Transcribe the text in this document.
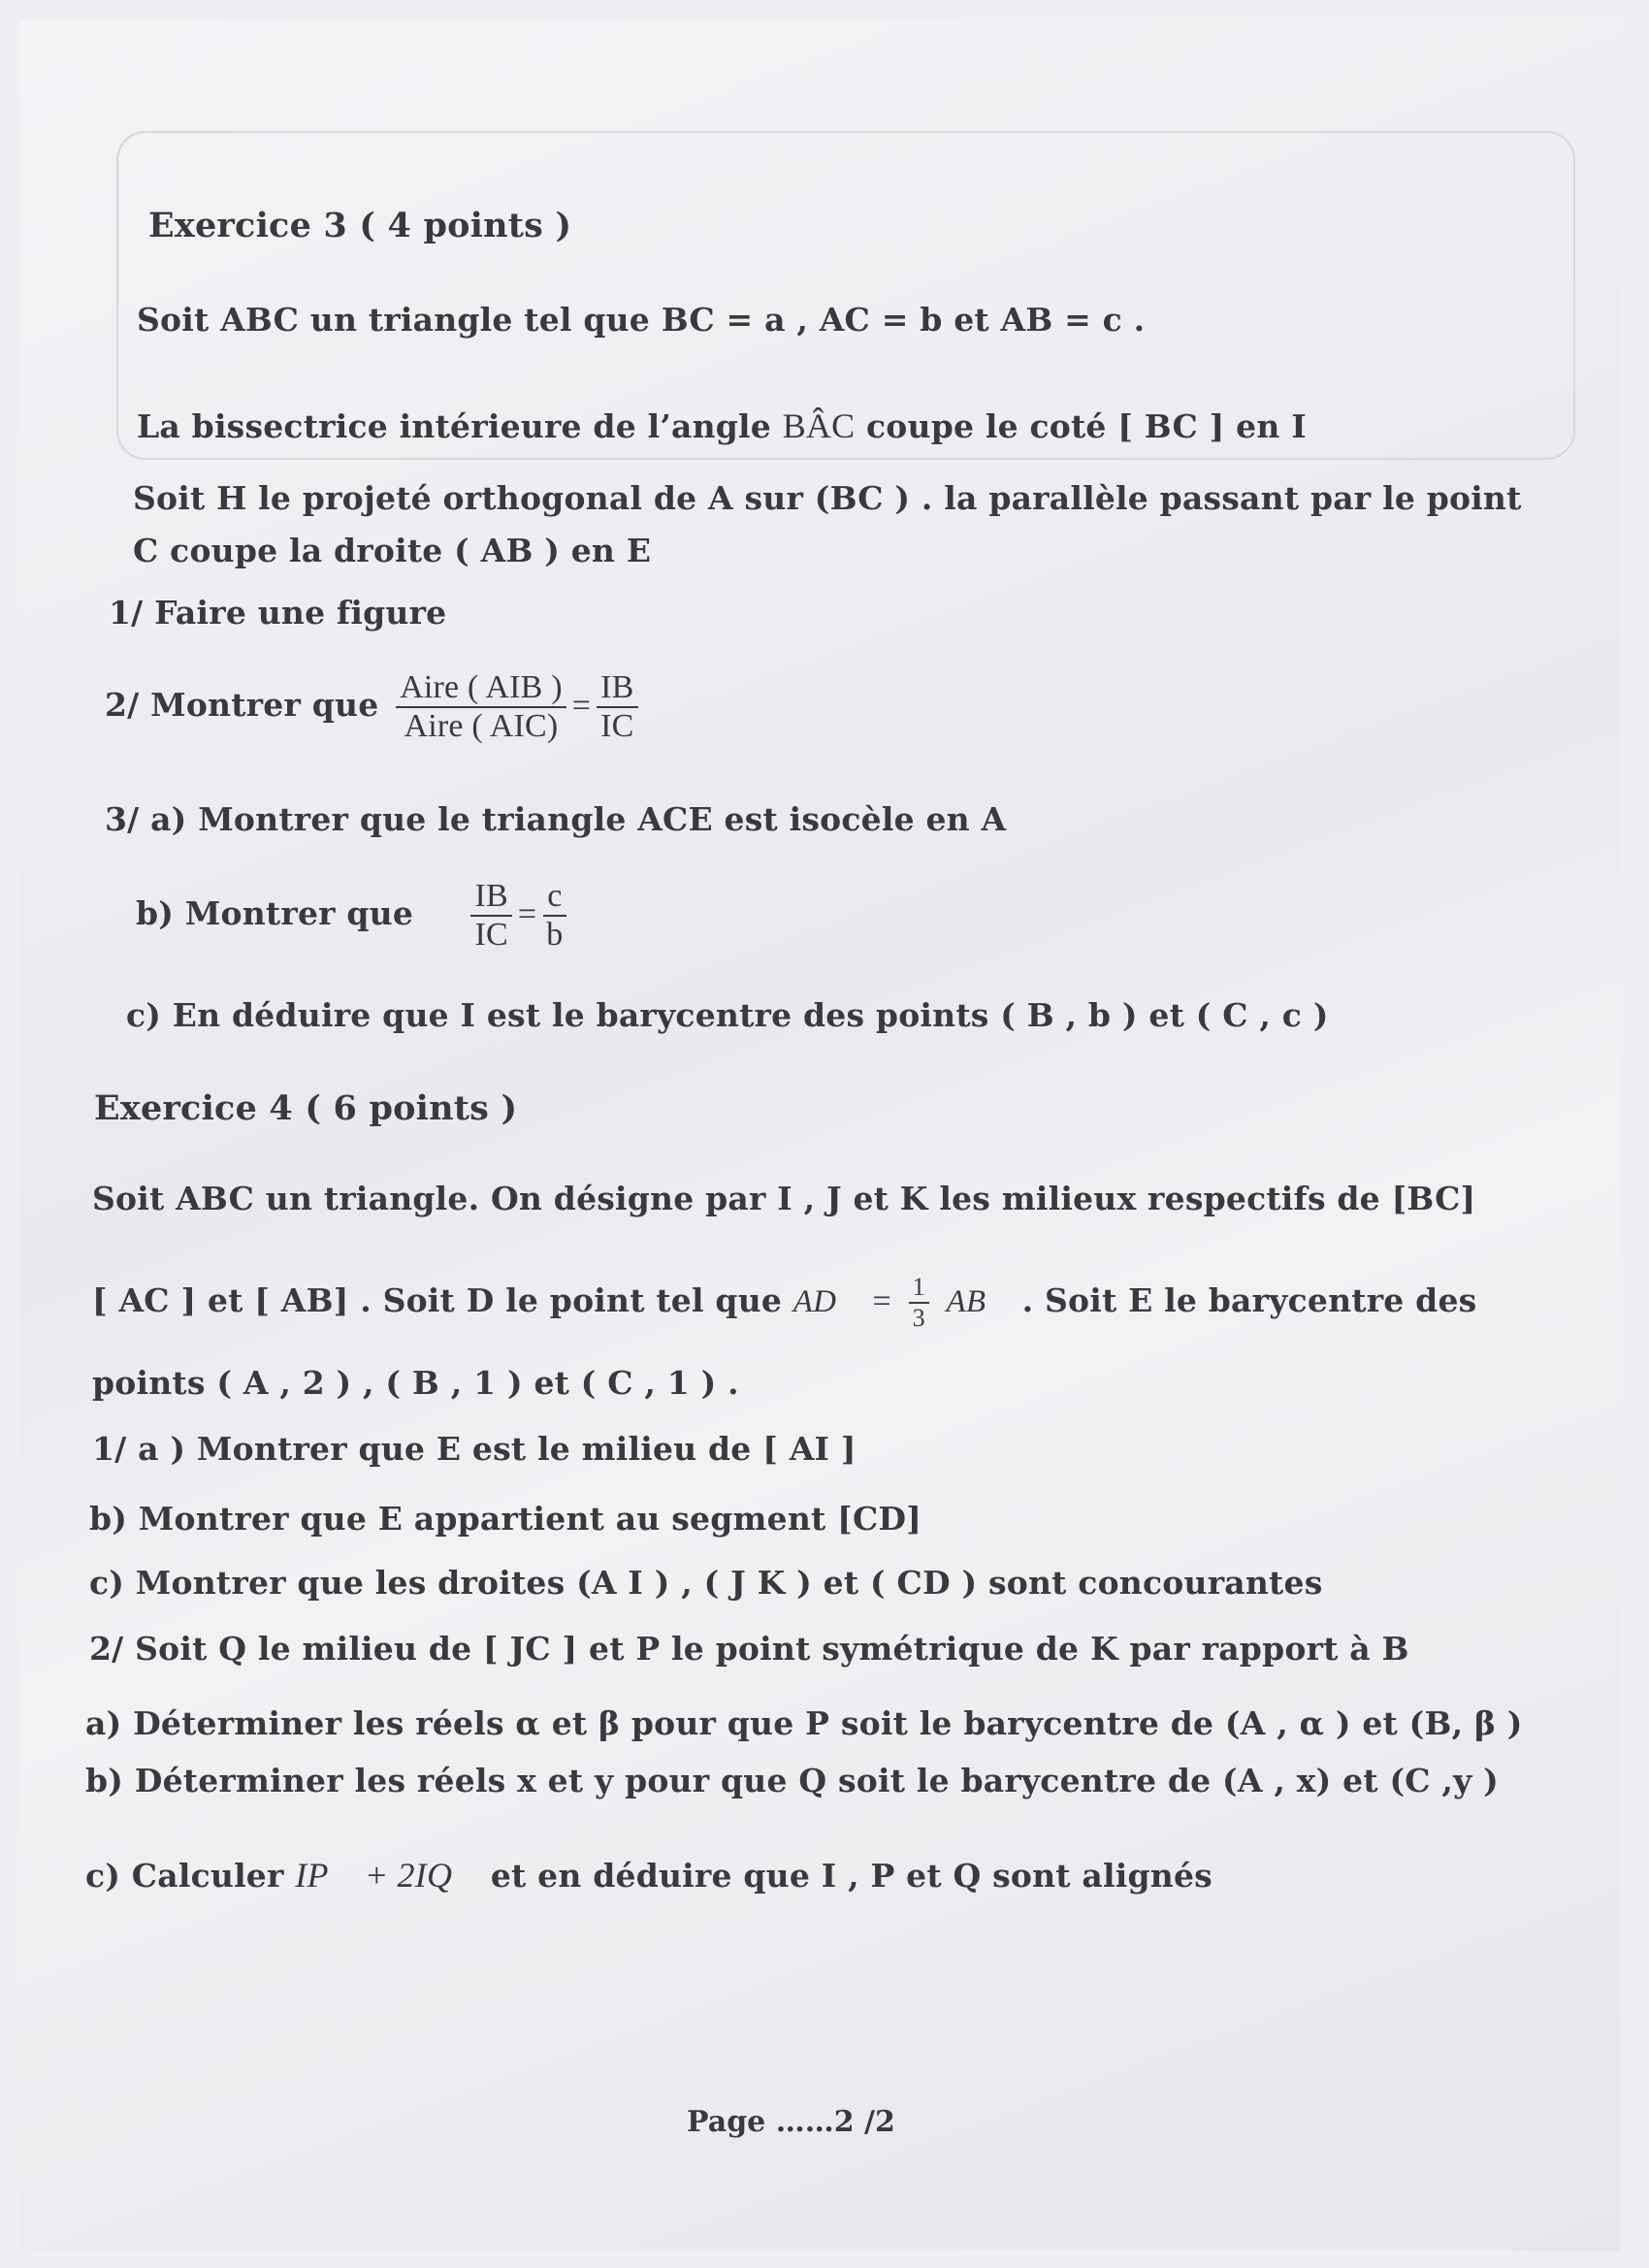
Exercice 3 ( 4 points )
Soit ABC un triangle tel que BC = a , AC = b et AB = c .
La bissectrice intérieure de l’angle BÂC coupe le coté [ BC ] en I
Soit H le projeté orthogonal de A sur (BC ) . la parallèle passant par le point
C coupe la droite ( AB ) en E
1/ Faire une figure
2/ Montrer que $\frac{\text{Aire ( AIB )}}{\text{Aire ( AIC)}} = \frac{IB}{IC}$
3/ a) Montrer que le triangle ACE est isocèle en A
b) Montrer que $\frac{IB}{IC} = \frac{c}{b}$
c) En déduire que I est le barycentre des points ( B , b ) et ( C , c )
Exercice 4 ( 6 points )
Soit ABC un triangle. On désigne par I , J et K les milieux respectifs de [BC]
[ AC ] et [ AB] . Soit D le point tel que AD⃗ = $\frac{1}{3}$ AB⃗ . Soit E le barycentre des
points ( A , 2 ) , ( B , 1 ) et ( C , 1 ) .
1/ a ) Montrer que E est le milieu de [ AI ]
b) Montrer que E appartient au segment [CD]
c) Montrer que les droites (A I ) , ( J K ) et ( CD ) sont concourantes
2/ Soit Q le milieu de [ JC ] et P le point symétrique de K par rapport à B
a) Déterminer les réels α et β pour que P soit le barycentre de (A , α ) et (B, β )
b) Déterminer les réels x et y pour que Q soit le barycentre de (A , x) et (C ,y )
c) Calculer IP⃗ + 2IQ⃗ et en déduire que I , P et Q sont alignés
Page ……2 /2
